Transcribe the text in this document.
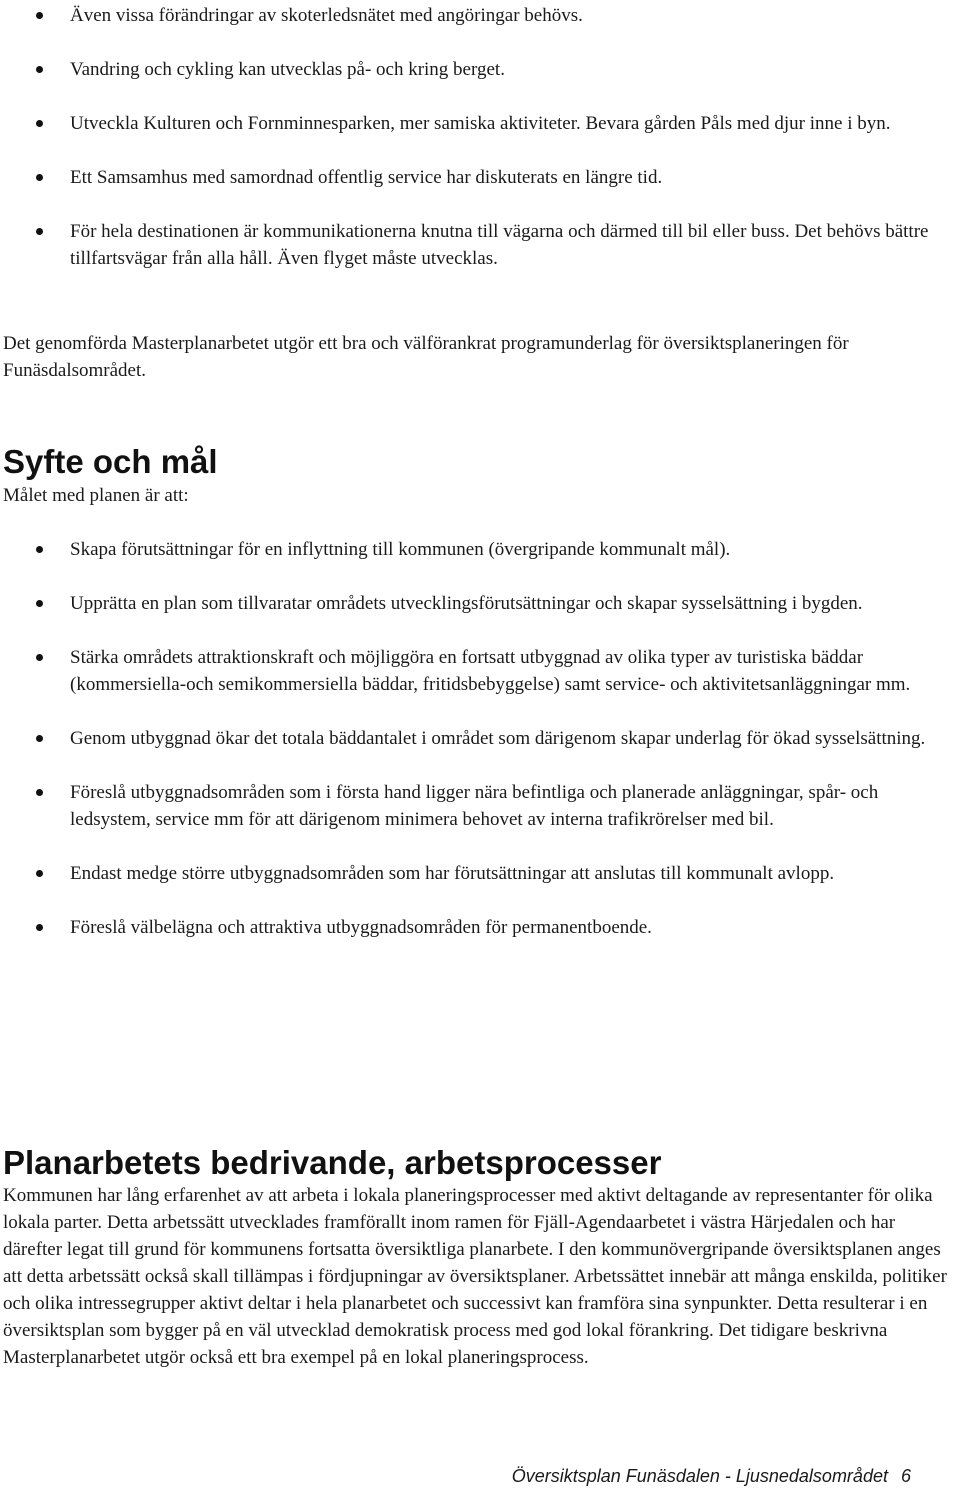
Även vissa förändringar av skoterledsnätet med angöringar behövs.
Vandring och cykling kan utvecklas på- och kring berget.
Utveckla Kulturen och Fornminnesparken, mer samiska aktiviteter. Bevara gården Påls med djur inne i byn.
Ett Samsamhus med samordnad offentlig service har diskuterats en längre tid.
För hela destinationen är kommunikationerna knutna till vägarna och därmed till bil eller buss. Det behövs bättre tillfartsvägar från alla håll. Även flyget måste utvecklas.

Det genomförda Masterplanarbetet utgör ett bra och välförankrat programunderlag för översiktsplaneringen för Funäsdalsområdet.

Syfte och mål

Målet med planen är att:

Skapa förutsättningar för en inflyttning till kommunen (övergripande kommunalt mål).
Upprätta en plan som tillvaratar områdets utvecklingsförutsättningar och skapar sysselsättning i bygden.
Stärka områdets attraktionskraft och möjliggöra en fortsatt utbyggnad av olika typer av turistiska bäddar (kommersiella-och semikommersiella bäddar, fritidsbebyggelse) samt service- och aktivitetsanläggningar mm.
Genom utbyggnad ökar det totala bäddantalet i området som därigenom skapar underlag för ökad sysselsättning.
Föreslå utbyggnadsområden som i första hand ligger nära befintliga och planerade anläggningar, spår- och ledsystem, service mm för att därigenom minimera behovet av interna trafikrörelser med bil.
Endast medge större utbyggnadsområden som har förutsättningar att anslutas till kommunalt avlopp.
Föreslå välbelägna och attraktiva utbyggnadsområden för permanentboende.
Planarbetets bedrivande, arbetsprocesser

Kommunen har lång erfarenhet av att arbeta i lokala planeringsprocesser med aktivt deltagande av representanter för olika lokala parter. Detta arbetssätt utvecklades framförallt inom ramen för Fjäll-Agendaarbetet i västra Härjedalen och har därefter legat till grund för kommunens fortsatta översiktliga planarbete. I den kommunövergripande översiktsplanen anges att detta arbetssätt också skall tillämpas i fördjupningar av översiktsplaner. Arbetssättet innebär att många enskilda, politiker och olika intressegrupper aktivt deltar i hela planarbetet och successivt kan framföra sina synpunkter. Detta resulterar i en översiktsplan som bygger på en väl utvecklad demokratisk process med god lokal förankring. Det tidigare beskrivna Masterplanarbetet utgör också ett bra exempel på en lokal planeringsprocess.

Översiktsplan Funäsdalen - Ljusnedalsområdet 6
